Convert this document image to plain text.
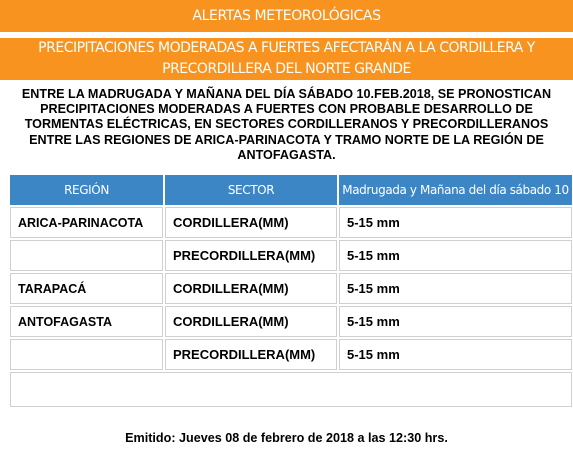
ALERTAS METEOROLÓGICAS
PRECIPITACIONES MODERADAS A FUERTES AFECTARÁN A LA CORDILLERA Y PRECORDILLERA DEL NORTE GRANDE
ENTRE LA MADRUGADA Y MAÑANA DEL DÍA SÁBADO 10.FEB.2018, SE PRONOSTICAN PRECIPITACIONES MODERADAS A FUERTES CON PROBABLE DESARROLLO DE TORMENTAS ELÉCTRICAS, EN SECTORES CORDILLERANOS Y PRECORDILLERANOS ENTRE LAS REGIONES DE ARICA-PARINACOTA Y TRAMO NORTE DE LA REGIÓN DE ANTOFAGASTA.
REGIÓN	SECTOR	Madrugada y Mañana del día sábado 10
ARICA-PARINACOTA	CORDILLERA(MM)	5-15 mm
	PRECORDILLERA(MM)	5-15 mm
TARAPACÁ	CORDILLERA(MM)	5-15 mm
ANTOFAGASTA	CORDILLERA(MM)	5-15 mm
	PRECORDILLERA(MM)	5-15 mm

Emitido: Jueves 08 de febrero de 2018 a las 12:30 hrs.
